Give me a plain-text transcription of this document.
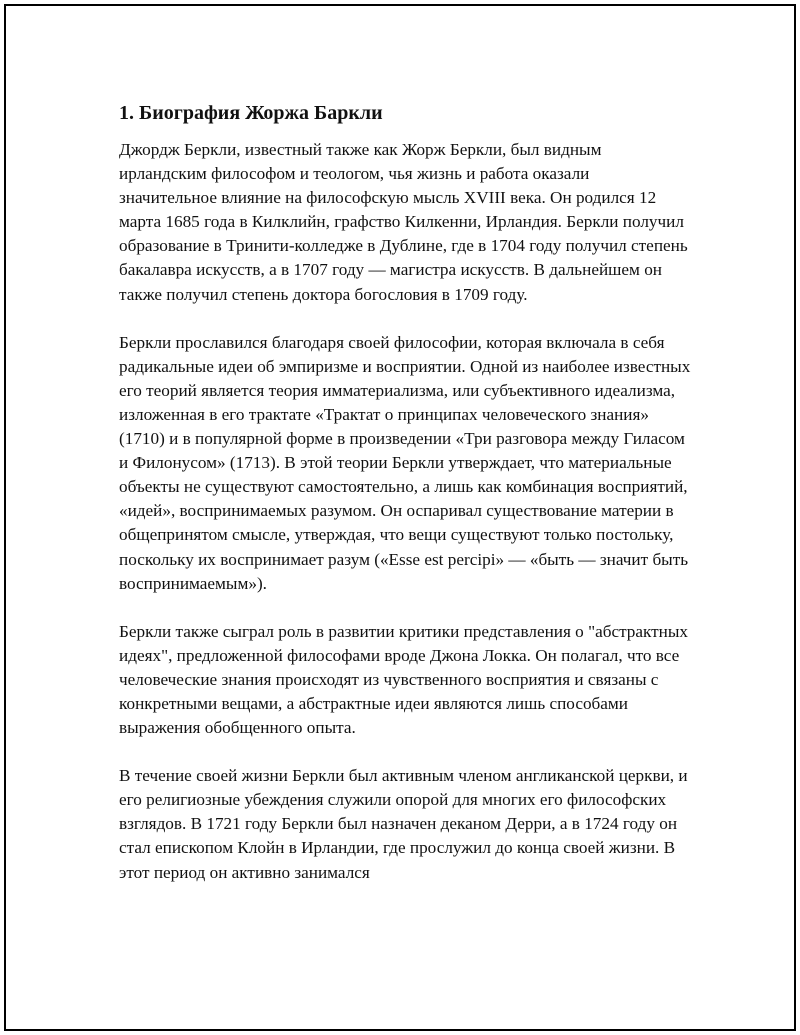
1. Биография Жоржа Баркли

Джордж Беркли, известный также как Жорж Беркли, был видным ирландским философом и теологом, чья жизнь и работа оказали значительное влияние на философскую мысль XVIII века. Он родился 12 марта 1685 года в Килклийн, графство Килкенни, Ирландия. Беркли получил образование в Тринити-колледже в Дублине, где в 1704 году получил степень бакалавра искусств, а в 1707 году — магистра искусств. В дальнейшем он также получил степень доктора богословия в 1709 году.

Беркли прославился благодаря своей философии, которая включала в себя радикальные идеи об эмпиризме и восприятии. Одной из наиболее известных его теорий является теория имматериализма, или субъективного идеализма, изложенная в его трактате «Трактат о принципах человеческого знания» (1710) и в популярной форме в произведении «Три разговора между Гиласом и Филонусом» (1713). В этой теории Беркли утверждает, что материальные объекты не существуют самостоятельно, а лишь как комбинация восприятий, «идей», воспринимаемых разумом. Он оспаривал существование материи в общепринятом смысле, утверждая, что вещи существуют только постольку, поскольку их воспринимает разум («Esse est percipi» — «быть — значит быть воспринимаемым»).

Беркли также сыграл роль в развитии критики представления о "абстрактных идеях", предложенной философами вроде Джона Локка. Он полагал, что все человеческие знания происходят из чувственного восприятия и связаны с конкретными вещами, а абстрактные идеи являются лишь способами выражения обобщенного опыта.

В течение своей жизни Беркли был активным членом англиканской церкви, и его религиозные убеждения служили опорой для многих его философских взглядов. В 1721 году Беркли был назначен деканом Дерри, а в 1724 году он стал епископом Клойн в Ирландии, где прослужил до конца своей жизни. В этот период он активно занимался
